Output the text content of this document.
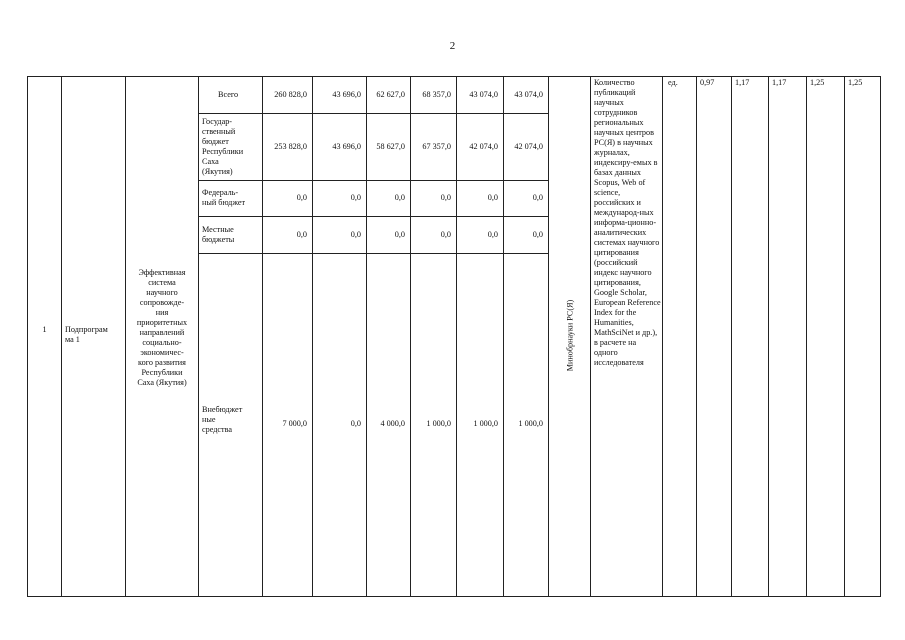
2
1	Подпрограм
ма 1
Эффективная
система
научного
сопровожде-
ния
приоритетных
направлений
социально-
экономичес-
кого развития
Республики
Саха (Якутия)
Всего	260 828,0	43 696,0	62 627,0	68 357,0	43 074,0	43 074,0
Государ-
ственный
бюджет
Республики
Саха
(Якутия)
253 828,0	43 696,0	58 627,0	67 357,0	42 074,0	42 074,0
Федераль-
ный бюджет
0,0	0,0	0,0	0,0	0,0	0,0
Местные
бюджеты
0,0	0,0	0,0	0,0	0,0	0,0
Внебюджет
ные
средства
7 000,0	0,0	4 000,0	1 000,0	1 000,0	1 000,0
Минобрнауки РС(Я)
Количество публикаций научных сотрудников региональных научных центров РС(Я) в научных журналах, индексиру-емых в базах данных Scopus, Web of science, российских и международ-ных информа-ционно-аналитических системах научного цитирования (российский индекс научного цитирования, Google Scholar, European Reference Index for the Humanities, MathSciNet и др.), в расчете на одного исследователя
ед.	0,97	1,17	1,17	1,25	1,25
